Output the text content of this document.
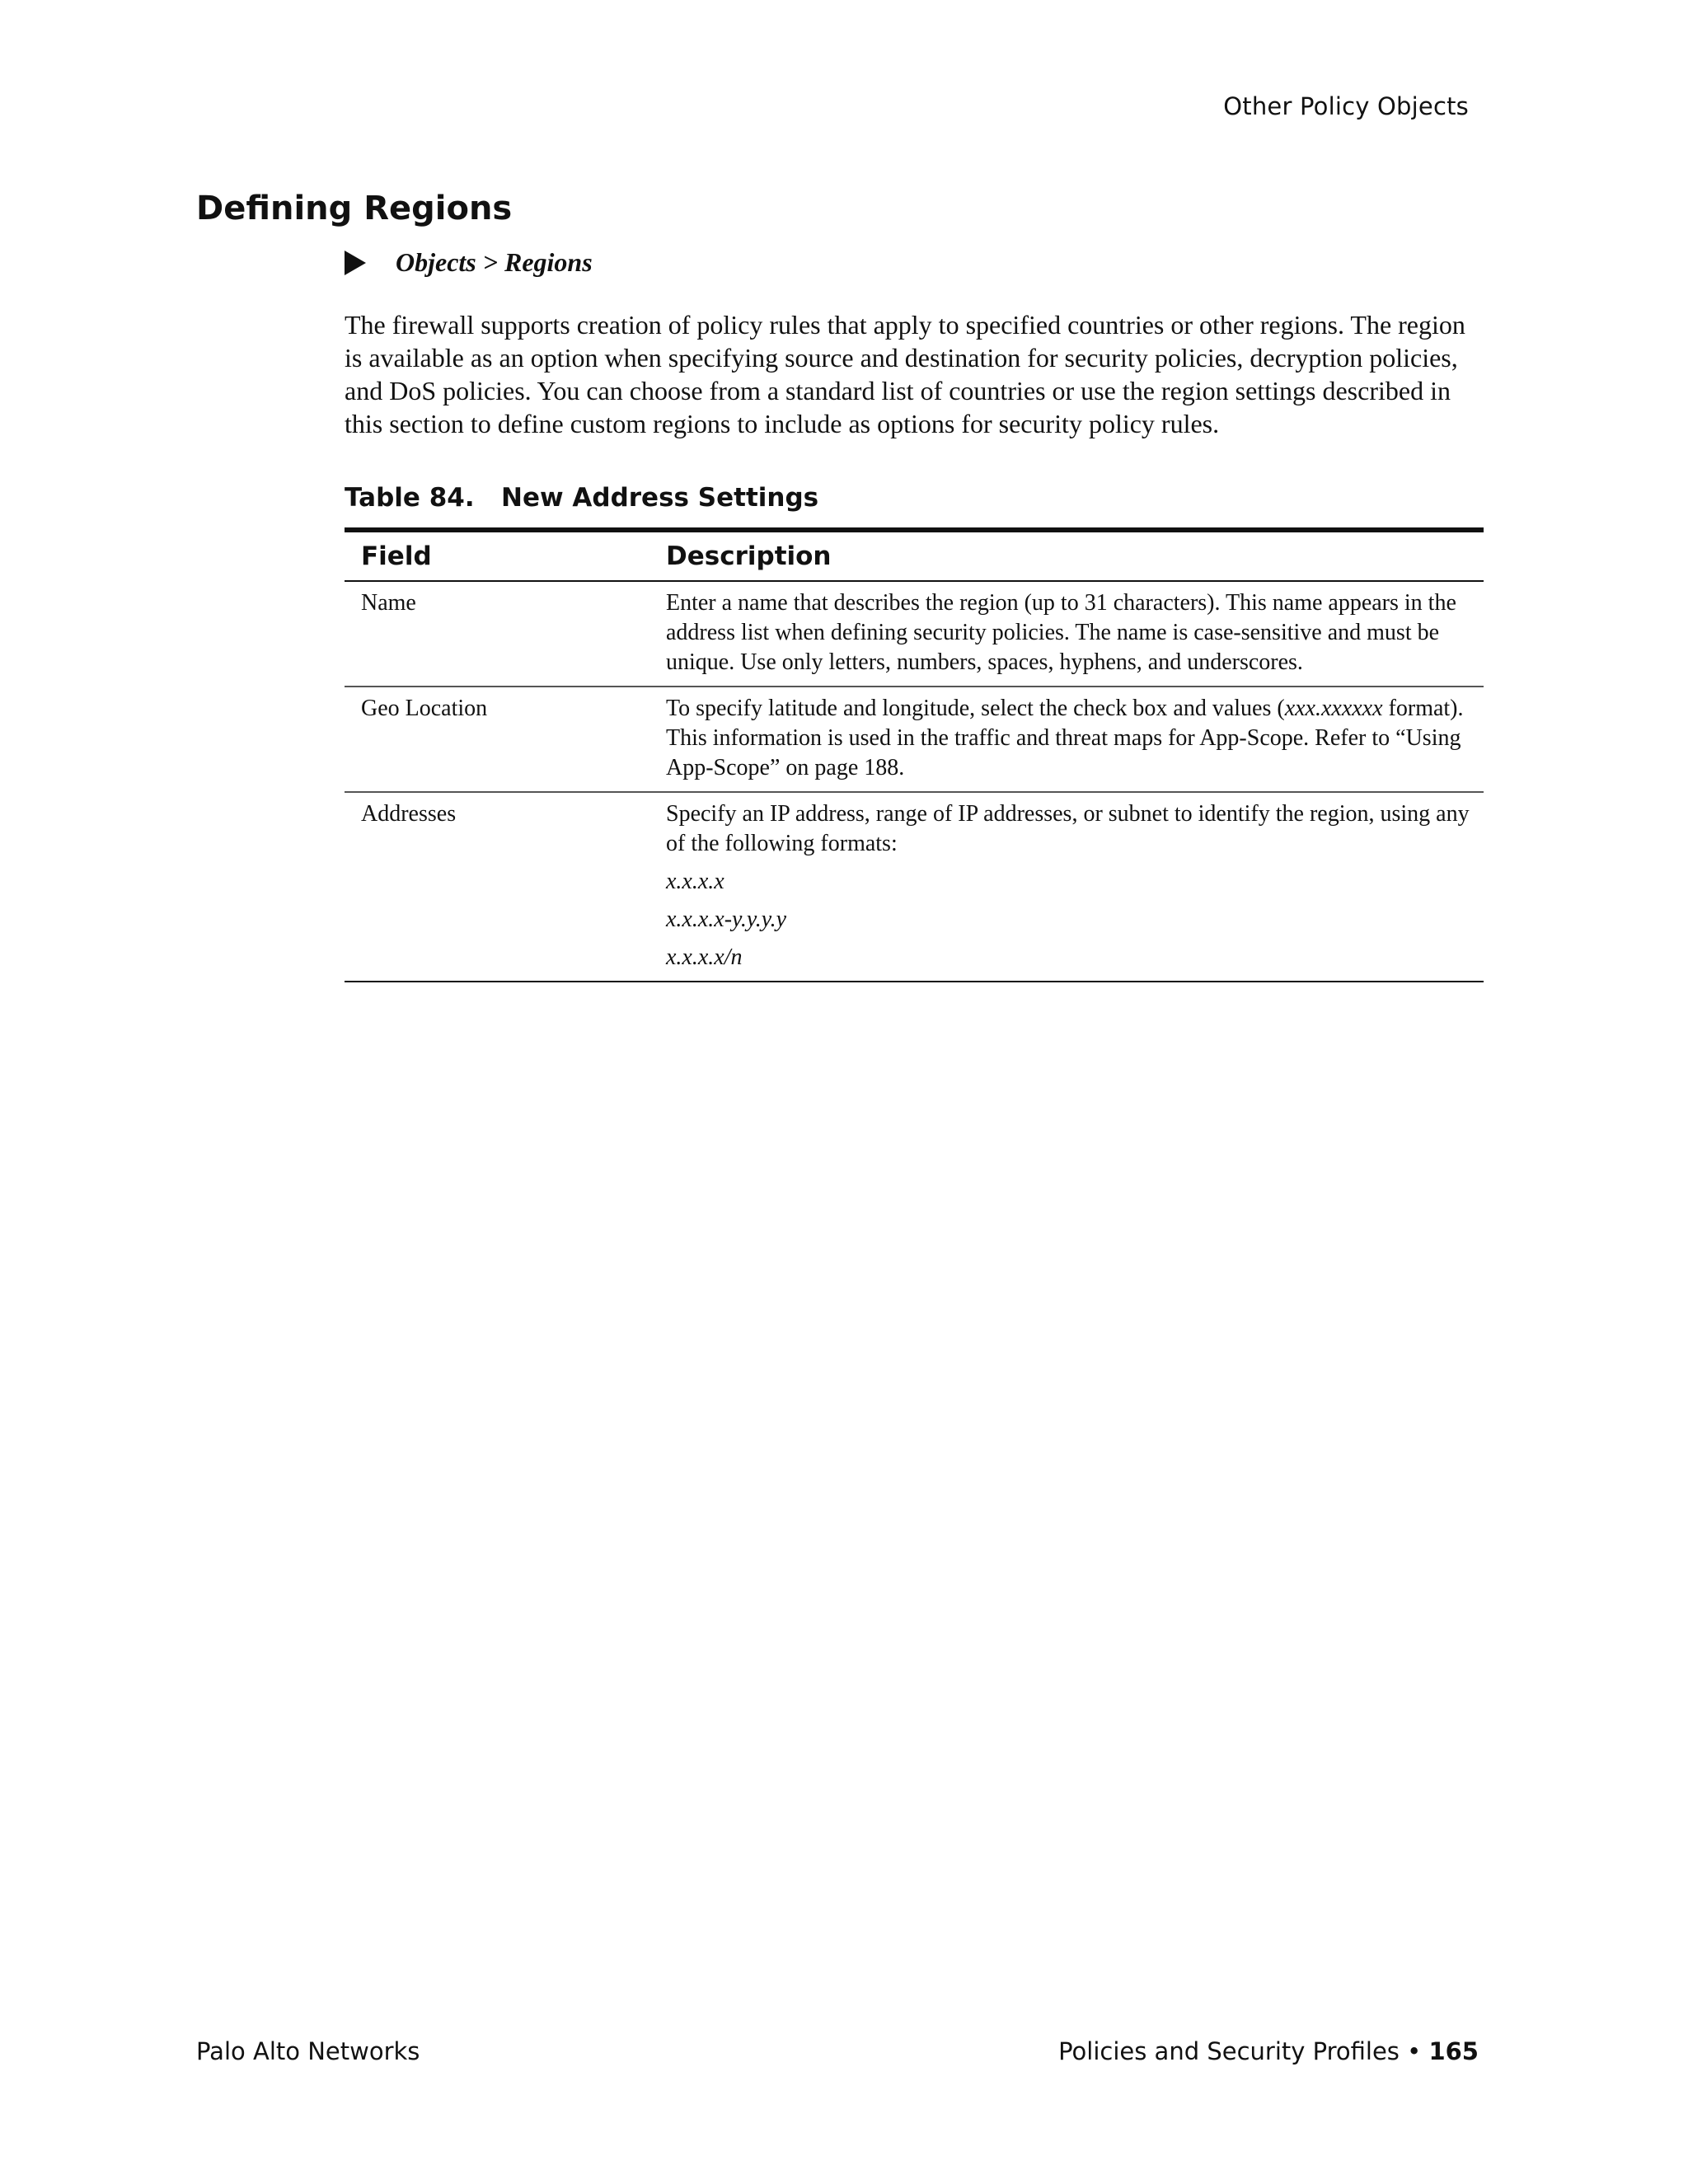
Other Policy Objects
Defining Regions
Objects > Regions

The firewall supports creation of policy rules that apply to specified countries or other regions. The region is available as an option when specifying source and destination for security policies, decryption policies, and DoS policies. You can choose from a standard list of countries or use the region settings described in this section to define custom regions to include as options for security policy rules.

Table 84.   New Address Settings

Field	Description
Name	Enter a name that describes the region (up to 31 characters). This name appears in the address list when defining security policies. The name is case-sensitive and must be unique. Use only letters, numbers, spaces, hyphens, and underscores.
Geo Location	To specify latitude and longitude, select the check box and values (xxx.xxxxxx format). This information is used in the traffic and threat maps for App-Scope. Refer to “Using App-Scope” on page 188.
Addresses	Specify an IP address, range of IP addresses, or subnet to identify the region, using any of the following formats:
x.x.x.x
x.x.x.x-y.y.y.y
x.x.x.x/n
Palo Alto Networks	Policies and Security Profiles • 165
